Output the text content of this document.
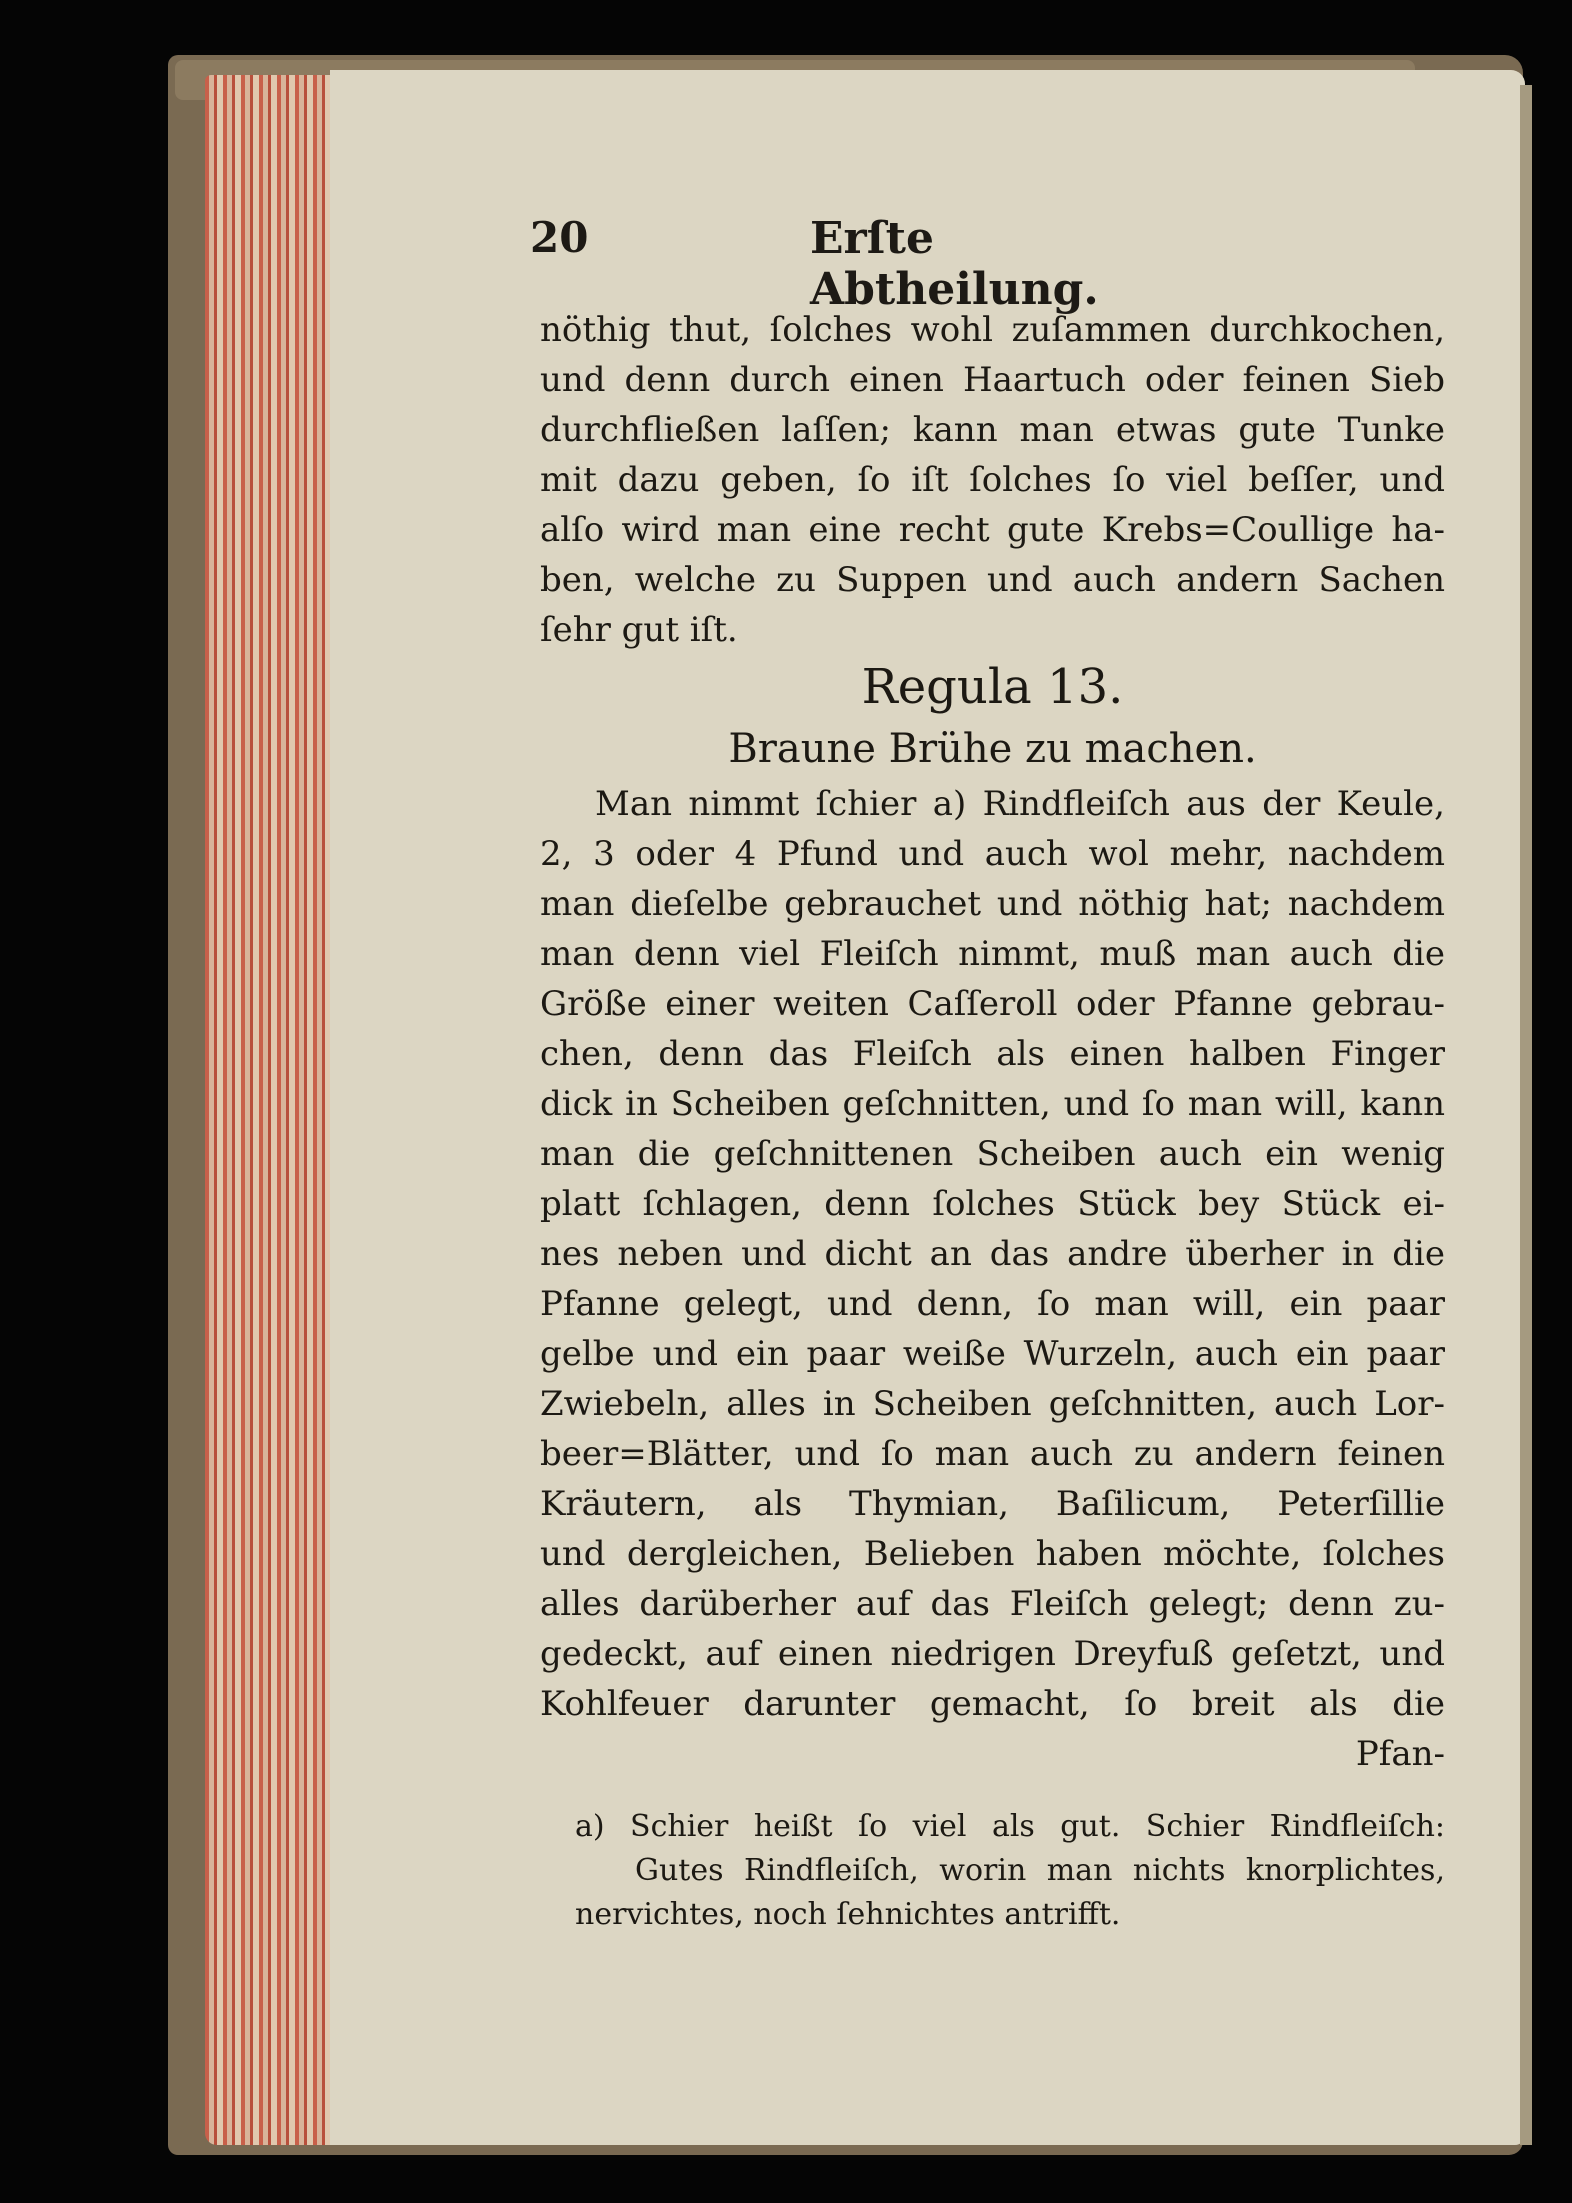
20	Erſte Abtheilung.
nöthig thut, ſolches wohl zuſammen durchkochen,
und denn durch einen Haartuch oder feinen Sieb
durchfließen laſſen; kann man etwas gute Tunke
mit dazu geben, ſo iſt ſolches ſo viel beſſer, und
alſo wird man eine recht gute Krebs=Coullige ha-
ben, welche zu Suppen und auch andern Sachen
ſehr gut iſt.
Regula 13.
Braune Brühe zu machen.
Man nimmt ſchier a) Rindfleiſch aus der Keule,
2, 3 oder 4 Pfund und auch wol mehr, nachdem
man dieſelbe gebrauchet und nöthig hat; nachdem
man denn viel Fleiſch nimmt, muß man auch die
Größe einer weiten Caſſeroll oder Pfanne gebrau-
chen, denn das Fleiſch als einen halben Finger
dick in Scheiben geſchnitten, und ſo man will, kann
man die geſchnittenen Scheiben auch ein wenig
platt ſchlagen, denn ſolches Stück bey Stück ei-
nes neben und dicht an das andre überher in die
Pfanne gelegt, und denn, ſo man will, ein paar
gelbe und ein paar weiße Wurzeln, auch ein paar
Zwiebeln, alles in Scheiben geſchnitten, auch Lor-
beer=Blätter, und ſo man auch zu andern feinen
Kräutern, als Thymian, Baſilicum, Peterſillie
und dergleichen, Belieben haben möchte, ſolches
alles darüberher auf das Fleiſch gelegt; denn zu-
gedeckt, auf einen niedrigen Dreyfuß geſetzt, und
Kohlfeuer darunter gemacht, ſo breit als die
Pfan-
a) Schier heißt ſo viel als gut. Schier Rindfleiſch:
Gutes Rindfleiſch, worin man nichts knorplichtes,
nervichtes, noch ſehnichtes antrifft.
